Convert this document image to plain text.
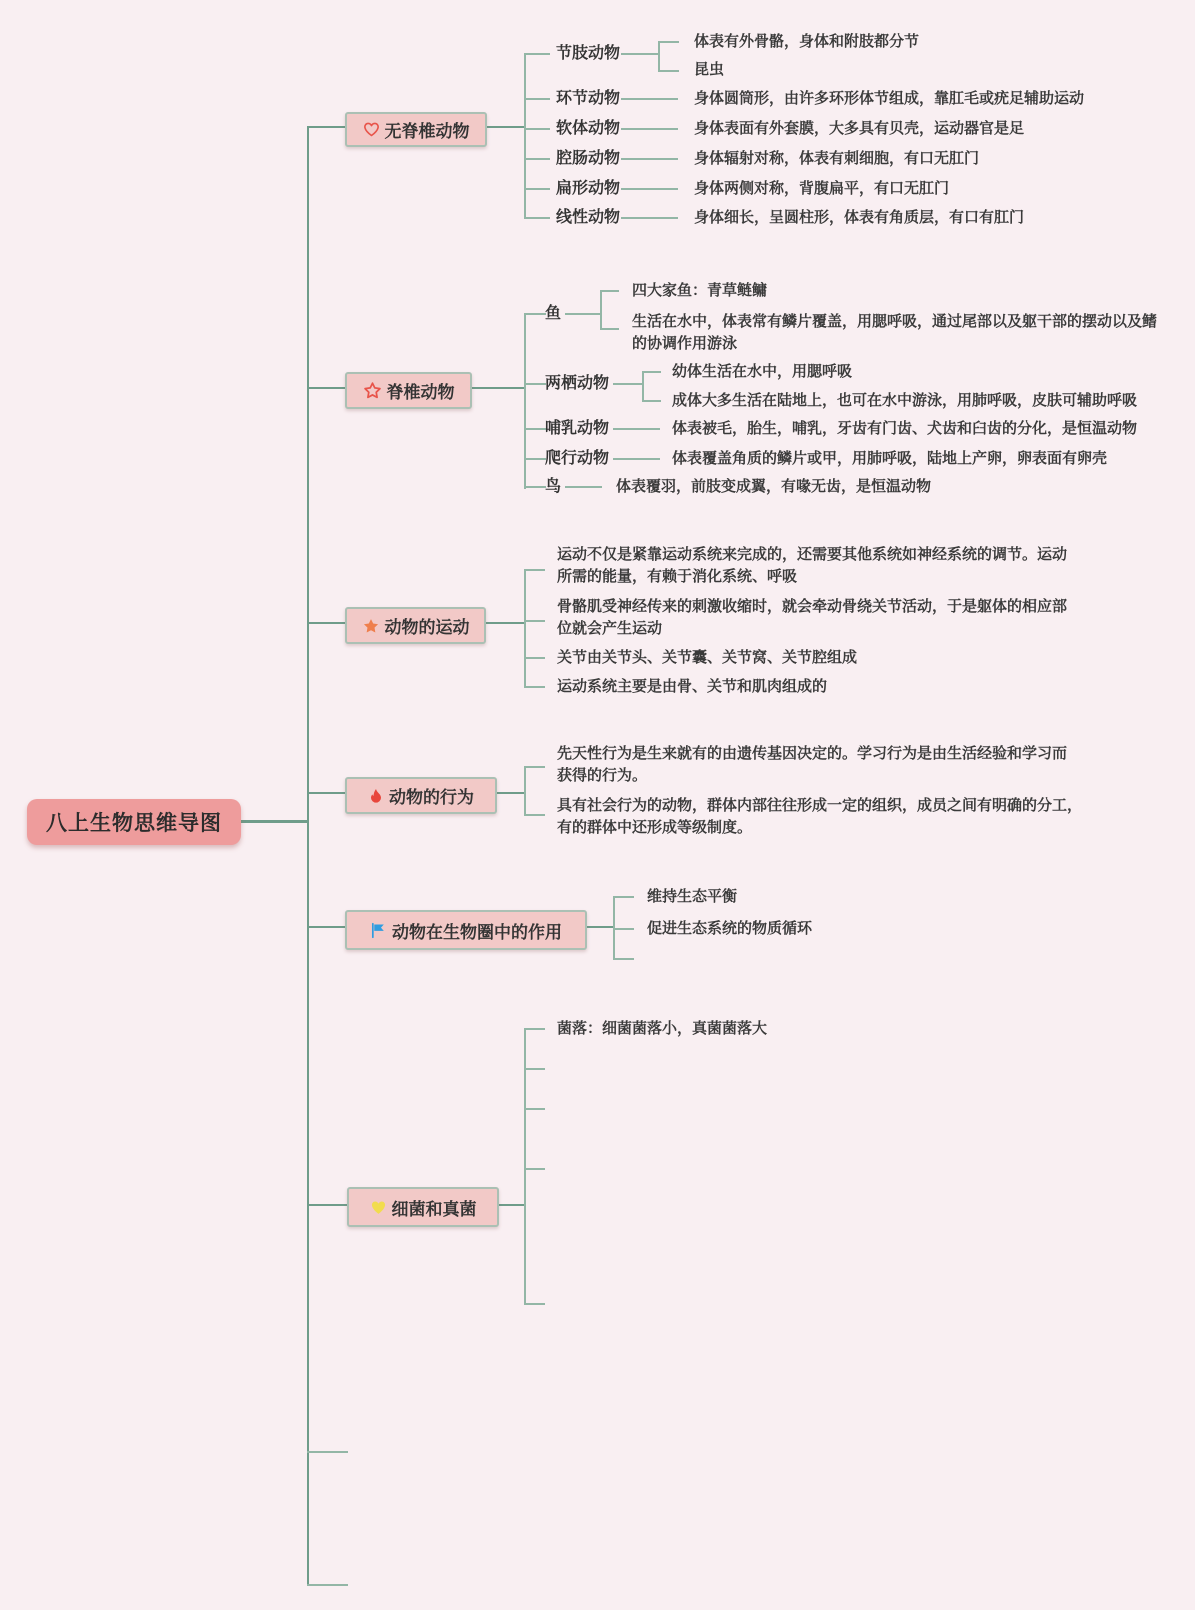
八上生物思维导图
无脊椎动物
脊椎动物
动物的运动
动物的行为
动物在生物圈中的作用
细菌和真菌
节肢动物
环节动物
软体动物
腔肠动物
扁形动物
线性动物
体表有外骨骼，身体和附肢都分节
昆虫
身体圆筒形，由许多环形体节组成，靠肛毛或疣足辅助运动
身体表面有外套膜，大多具有贝壳，运动器官是足
身体辐射对称，体表有刺细胞，有口无肛门
身体两侧对称，背腹扁平，有口无肛门
身体细长，呈圆柱形，体表有角质层，有口有肛门
鱼
两栖动物
哺乳动物
爬行动物
鸟
四大家鱼：青草鲢鳙
生活在水中，体表常有鳞片覆盖，用腮呼吸，通过尾部以及躯干部的摆动以及鳍的协调作用游泳
幼体生活在水中，用腮呼吸
成体大多生活在陆地上，也可在水中游泳，用肺呼吸，皮肤可辅助呼吸
体表被毛，胎生，哺乳，牙齿有门齿、犬齿和臼齿的分化，是恒温动物
体表覆盖角质的鳞片或甲，用肺呼吸，陆地上产卵，卵表面有卵壳
体表覆羽，前肢变成翼，有喙无齿，是恒温动物
运动不仅是紧靠运动系统来完成的，还需要其他系统如神经系统的调节。运动所需的能量，有赖于消化系统、呼吸
骨骼肌受神经传来的刺激收缩时，就会牵动骨绕关节活动，于是躯体的相应部位就会产生运动
关节由关节头、关节囊、关节窝、关节腔组成
运动系统主要是由骨、关节和肌肉组成的
先天性行为是生来就有的由遗传基因决定的。学习行为是由生活经验和学习而获得的行为。
具有社会行为的动物，群体内部往往形成一定的组织，成员之间有明确的分工，有的群体中还形成等级制度。
维持生态平衡
促进生态系统的物质循环
菌落：细菌菌落小，真菌菌落大
